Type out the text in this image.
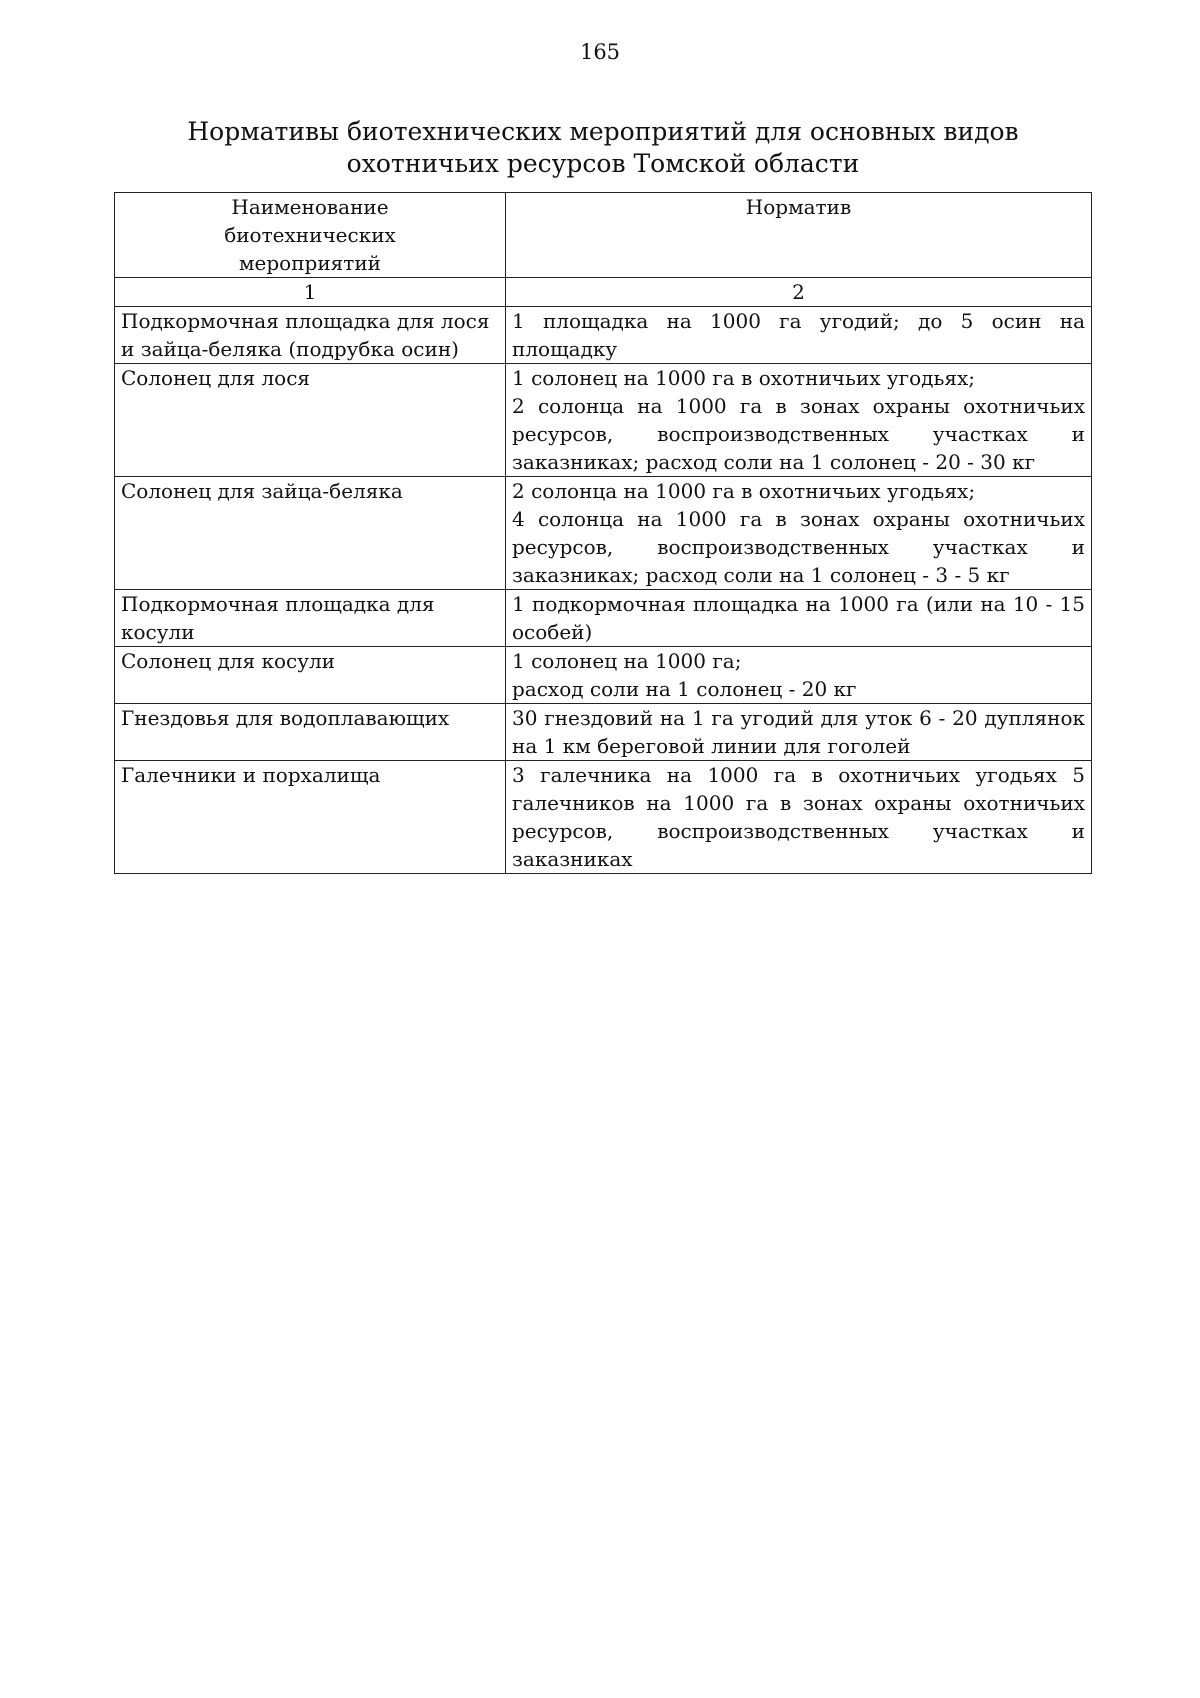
165
Нормативы биотехнических мероприятий для основных видов
охотничьих ресурсов Томской области
Наименование биотехнических мероприятий	Норматив
1	2
Подкормочная площадка для лося и зайца-беляка (подрубка осин)	1 площадка на 1000 га угодий; до 5 осин на площадку

Солонец для лося	1 солонец на 1000 га в охотничьих угодьях;
2 солонца на 1000 га в зонах охраны охотничьих ресурсов, воспроизводственных участках и заказниках; расход соли на 1 солонец - 20 - 30 кг

Солонец для зайца-беляка	2 солонца на 1000 га в охотничьих угодьях;
4 солонца на 1000 га в зонах охраны охотничьих ресурсов, воспроизводственных участках и заказниках; расход соли на 1 солонец - 3 - 5 кг

Подкормочная площадка для косули	1 подкормочная площадка на 1000 га (или на 10 - 15 особей)

Солонец для косули	1 солонец на 1000 га;
расход соли на 1 солонец - 20 кг

Гнездовья для водоплавающих	30 гнездовий на 1 га угодий для уток 6 - 20 дуплянок на 1 км береговой линии для гоголей

Галечники и порхалища	3 галечника на 1000 га в охотничьих угодьях 5 галечников на 1000 га в зонах охраны охотничьих ресурсов, воспроизводственных участках и заказниках
